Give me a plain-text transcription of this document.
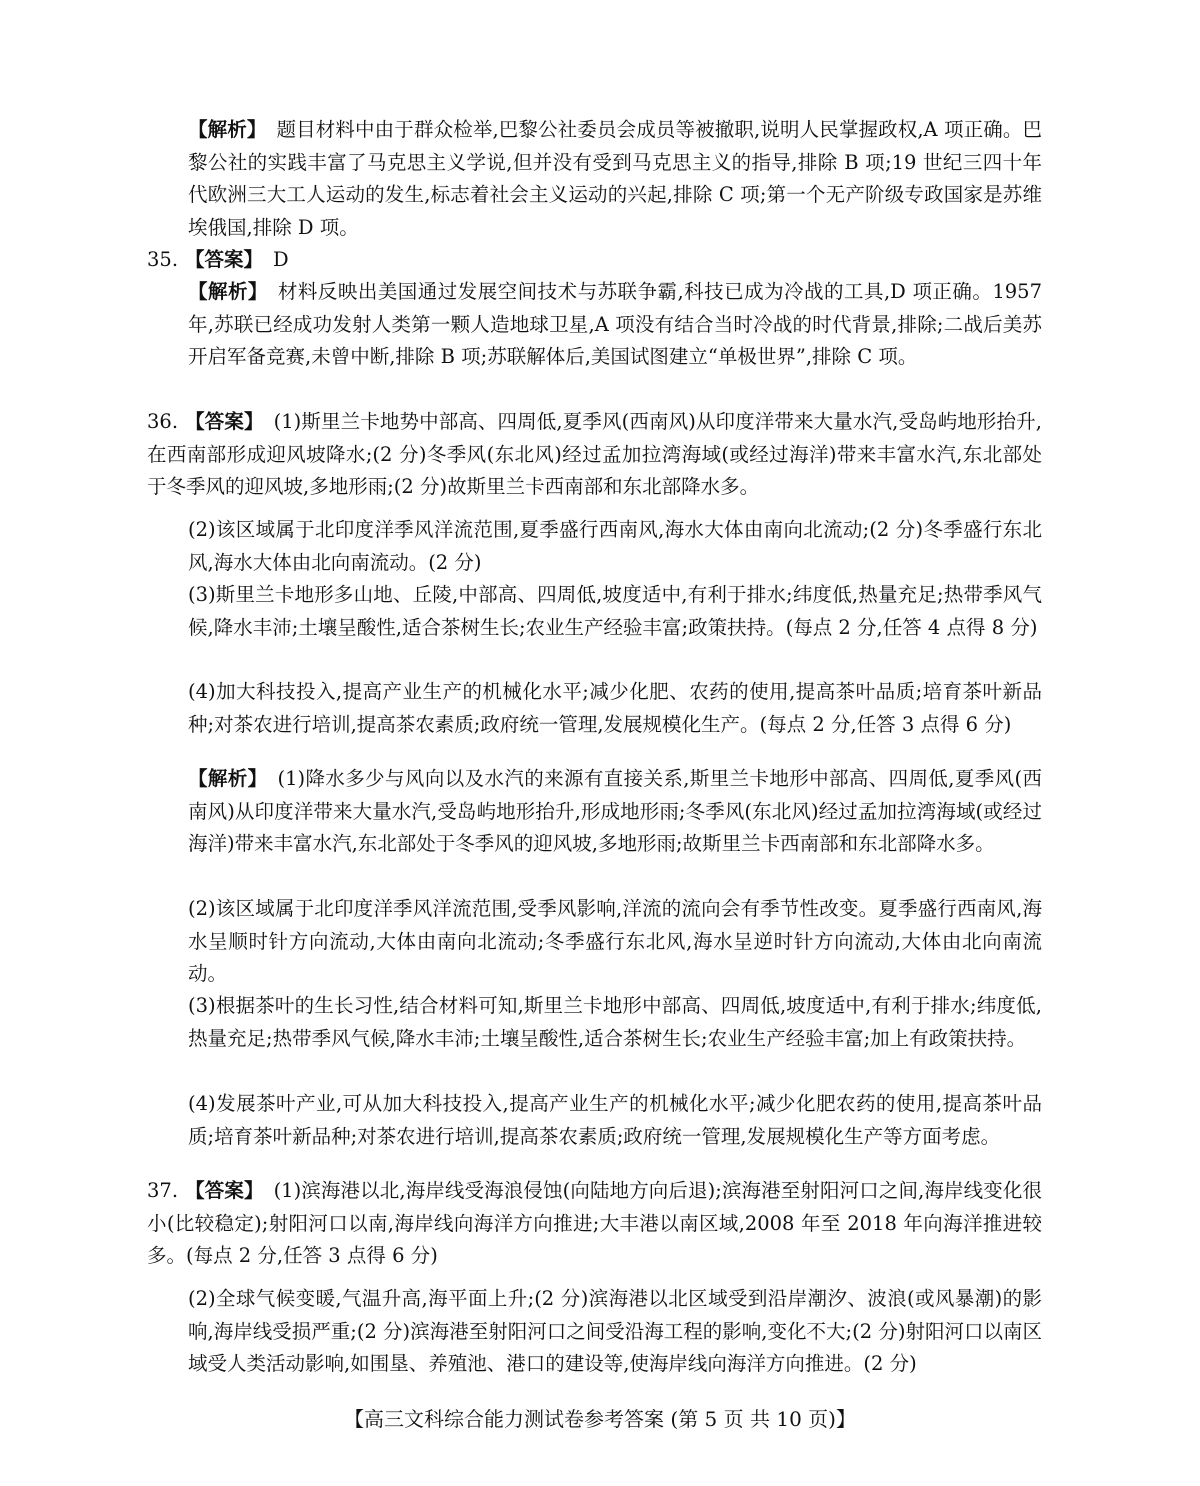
【解析】 题目材料中由于群众检举,巴黎公社委员会成员等被撤职,说明人民掌握政权,A 项正确。巴黎公社的实践丰富了马克思主义学说,但并没有受到马克思主义的指导,排除 B 项;19 世纪三四十年代欧洲三大工人运动的发生,标志着社会主义运动的兴起,排除 C 项;第一个无产阶级专政国家是苏维埃俄国,排除 D 项。

35. 【答案】 D

【解析】 材料反映出美国通过发展空间技术与苏联争霸,科技已成为冷战的工具,D 项正确。1957 年,苏联已经成功发射人类第一颗人造地球卫星,A 项没有结合当时冷战的时代背景,排除;二战后美苏开启军备竞赛,未曾中断,排除 B 项;苏联解体后,美国试图建立“单极世界”,排除 C 项。

36. 【答案】 (1)斯里兰卡地势中部高、四周低,夏季风(西南风)从印度洋带来大量水汽,受岛屿地形抬升,在西南部形成迎风坡降水;(2 分)冬季风(东北风)经过孟加拉湾海域(或经过海洋)带来丰富水汽,东北部处于冬季风的迎风坡,多地形雨;(2 分)故斯里兰卡西南部和东北部降水多。

(2)该区域属于北印度洋季风洋流范围,夏季盛行西南风,海水大体由南向北流动;(2 分)冬季盛行东北风,海水大体由北向南流动。(2 分)

(3)斯里兰卡地形多山地、丘陵,中部高、四周低,坡度适中,有利于排水;纬度低,热量充足;热带季风气候,降水丰沛;土壤呈酸性,适合茶树生长;农业生产经验丰富;政策扶持。(每点 2 分,任答 4 点得 8 分)

(4)加大科技投入,提高产业生产的机械化水平;减少化肥、农药的使用,提高茶叶品质;培育茶叶新品种;对茶农进行培训,提高茶农素质;政府统一管理,发展规模化生产。(每点 2 分,任答 3 点得 6 分)

【解析】 (1)降水多少与风向以及水汽的来源有直接关系,斯里兰卡地形中部高、四周低,夏季风(西南风)从印度洋带来大量水汽,受岛屿地形抬升,形成地形雨;冬季风(东北风)经过孟加拉湾海域(或经过海洋)带来丰富水汽,东北部处于冬季风的迎风坡,多地形雨;故斯里兰卡西南部和东北部降水多。

(2)该区域属于北印度洋季风洋流范围,受季风影响,洋流的流向会有季节性改变。夏季盛行西南风,海水呈顺时针方向流动,大体由南向北流动;冬季盛行东北风,海水呈逆时针方向流动,大体由北向南流动。

(3)根据茶叶的生长习性,结合材料可知,斯里兰卡地形中部高、四周低,坡度适中,有利于排水;纬度低,热量充足;热带季风气候,降水丰沛;土壤呈酸性,适合茶树生长;农业生产经验丰富;加上有政策扶持。

(4)发展茶叶产业,可从加大科技投入,提高产业生产的机械化水平;减少化肥农药的使用,提高茶叶品质;培育茶叶新品种;对茶农进行培训,提高茶农素质;政府统一管理,发展规模化生产等方面考虑。

37. 【答案】 (1)滨海港以北,海岸线受海浪侵蚀(向陆地方向后退);滨海港至射阳河口之间,海岸线变化很小(比较稳定);射阳河口以南,海岸线向海洋方向推进;大丰港以南区域,2008 年至 2018 年向海洋推进较多。(每点 2 分,任答 3 点得 6 分)

(2)全球气候变暖,气温升高,海平面上升;(2 分)滨海港以北区域受到沿岸潮汐、波浪(或风暴潮)的影响,海岸线受损严重;(2 分)滨海港至射阳河口之间受沿海工程的影响,变化不大;(2 分)射阳河口以南区域受人类活动影响,如围垦、养殖池、港口的建设等,使海岸线向海洋方向推进。(2 分)

【高三文科综合能力测试卷参考答案 (第 5 页 共 10 页)】
